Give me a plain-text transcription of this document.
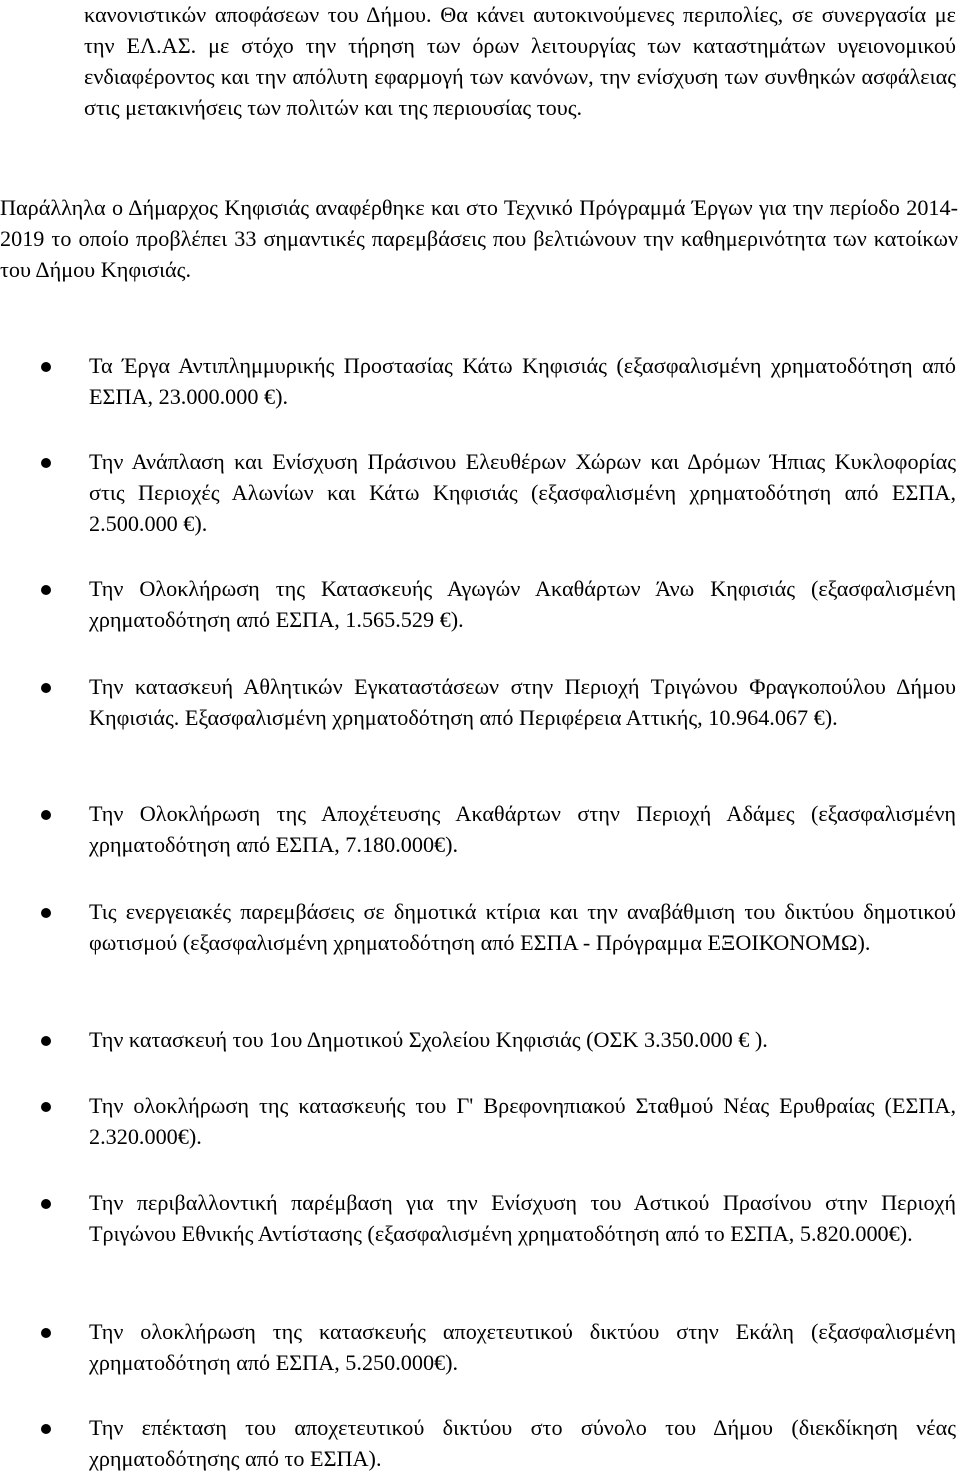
κανονιστικών αποφάσεων του Δήμου. Θα κάνει αυτοκινούμενες περιπολίες, σε συνεργασία με την ΕΛ.ΑΣ. με στόχο την τήρηση των όρων λειτουργίας των καταστημάτων υγειονομικού ενδιαφέροντος και την απόλυτη εφαρμογή των κανόνων, την ενίσχυση των συνθηκών ασφάλειας στις μετακινήσεις των πολιτών και της περιουσίας τους.

Παράλληλα ο Δήμαρχος Κηφισιάς αναφέρθηκε και στο Τεχνικό Πρόγραμμά Έργων για την περίοδο 2014-2019 το οποίο προβλέπει 33 σημαντικές παρεμβάσεις που βελτιώνουν την καθημερινότητα των κατοίκων του Δήμου Κηφισιάς.

Τα Έργα Αντιπλημμυρικής Προστασίας Κάτω Κηφισιάς (εξασφαλισμένη χρηματοδότηση από ΕΣΠΑ, 23.000.000 €).

Την Ανάπλαση και Ενίσχυση Πράσινου Ελευθέρων Χώρων και Δρόμων Ήπιας Κυκλοφορίας στις Περιοχές Αλωνίων και Κάτω Κηφισιάς (εξασφαλισμένη χρηματοδότηση από ΕΣΠΑ, 2.500.000 €).

Την Ολοκλήρωση της Κατασκευής Αγωγών Ακαθάρτων Άνω Κηφισιάς (εξασφαλισμένη χρηματοδότηση από ΕΣΠΑ, 1.565.529 €).

Την κατασκευή Αθλητικών Εγκαταστάσεων στην Περιοχή Τριγώνου Φραγκοπούλου Δήμου Κηφισιάς. Εξασφαλισμένη χρηματοδότηση από Περιφέρεια Αττικής, 10.964.067 €).

Την Ολοκλήρωση της Αποχέτευσης Ακαθάρτων στην Περιοχή Αδάμες (εξασφαλισμένη χρηματοδότηση από ΕΣΠΑ, 7.180.000€).

Τις ενεργειακές παρεμβάσεις σε δημοτικά κτίρια και την αναβάθμιση του δικτύου δημοτικού φωτισμού (εξασφαλισμένη χρηματοδότηση από ΕΣΠΑ - Πρόγραμμα ΕΞΟΙΚΟΝΟΜΩ).

Την κατασκευή του 1ου Δημοτικού Σχολείου Κηφισιάς (ΟΣΚ 3.350.000 € ).

Την ολοκλήρωση της κατασκευής του Γ' Βρεφονηπιακού Σταθμού Νέας Ερυθραίας (ΕΣΠΑ, 2.320.000€).

Την περιβαλλοντική παρέμβαση για την Ενίσχυση του Αστικού Πρασίνου στην Περιοχή Τριγώνου Εθνικής Αντίστασης (εξασφαλισμένη χρηματοδότηση από το ΕΣΠΑ, 5.820.000€).

Την ολοκλήρωση της κατασκευής αποχετευτικού δικτύου στην Εκάλη (εξασφαλισμένη χρηματοδότηση από ΕΣΠΑ, 5.250.000€).

Την επέκταση του αποχετευτικού δικτύου στο σύνολο του Δήμου (διεκδίκηση νέας χρηματοδότησης από το ΕΣΠΑ).
